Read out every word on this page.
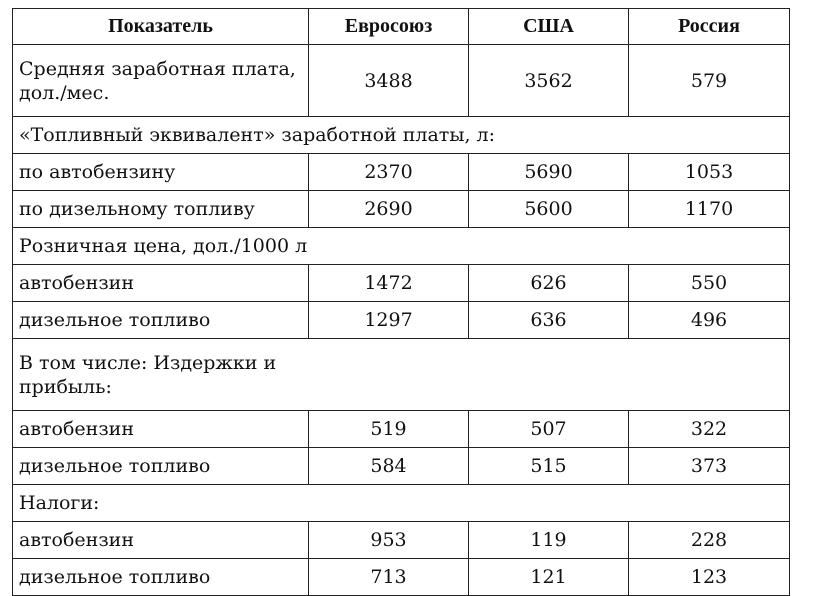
Показатель	Евросоюз	США	Россия
Средняя заработная плата, дол./мес.	3488	3562	579
«Топливный эквивалент» заработной платы, л:			
по автобензину	2370	5690	1053
по дизельному топливу	2690	5600	1170
Розничная цена, дол./1000 л			
автобензин	1472	626	550
дизельное топливо	1297	636	496
В том числе: Издержки и прибыль:			
автобензин	519	507	322
дизельное топливо	584	515	373
Налоги:			
автобензин	953	119	228
дизельное топливо	713	121	123
